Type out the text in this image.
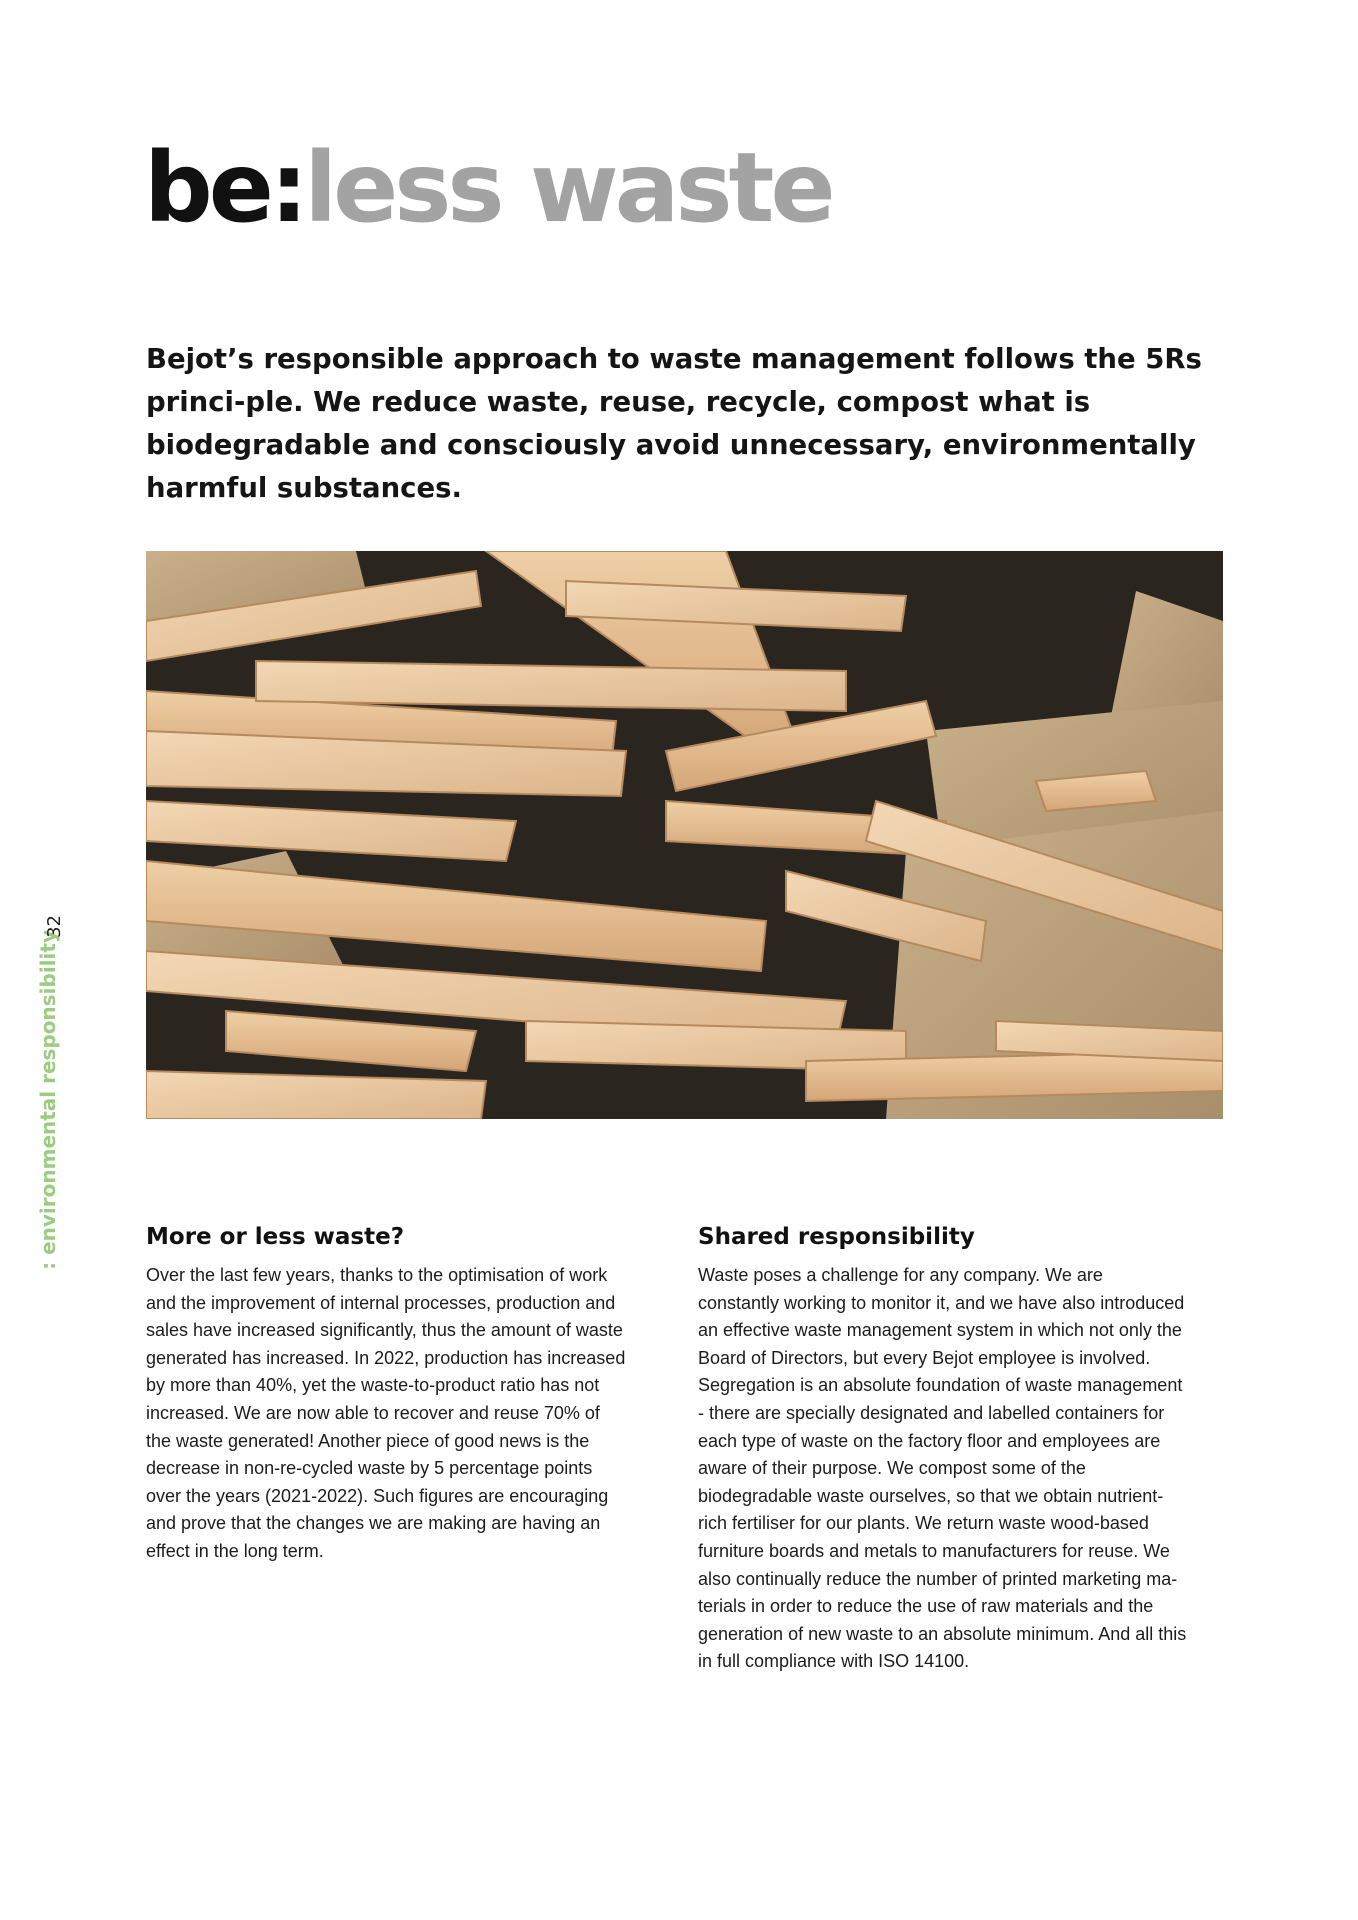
be:less waste

Bejot’s responsible approach to waste management follows the 5Rs princi-ple. We reduce waste, reuse, recycle, compost what is biodegradable and consciously avoid unnecessary, environmentally harmful substances.

: environmental responsibility
32
More or less waste?

Over the last few years, thanks to the optimisation of work and the improvement of internal processes, production and sales have increased significantly, thus the amount of waste generated has increased. In 2022, production has increased by more than 40%, yet the waste-to-product ratio has not increased. We are now able to recover and reuse 70% of the waste generated! Another piece of good news is the decrease in non-re-cycled waste by 5 percentage points over the years (2021-2022). Such figures are encouraging and prove that the changes we are making are having an effect in the long term.

Shared responsibility

Waste poses a challenge for any company. We are constantly working to monitor it, and we have also introduced an effective waste management system in which not only the Board of Directors, but every Bejot employee is involved. Segregation is an absolute foundation of waste management - there are specially designated and labelled containers for each type of waste on the factory floor and employees are aware of their purpose. We compost some of the biodegradable waste ourselves, so that we obtain nutrient-rich fertiliser for our plants. We return waste wood-based furniture boards and metals to manufacturers for reuse. We also continually reduce the number of printed marketing ma-terials in order to reduce the use of raw materials and the generation of new waste to an absolute minimum. And all this in full compliance with ISO 14100.
